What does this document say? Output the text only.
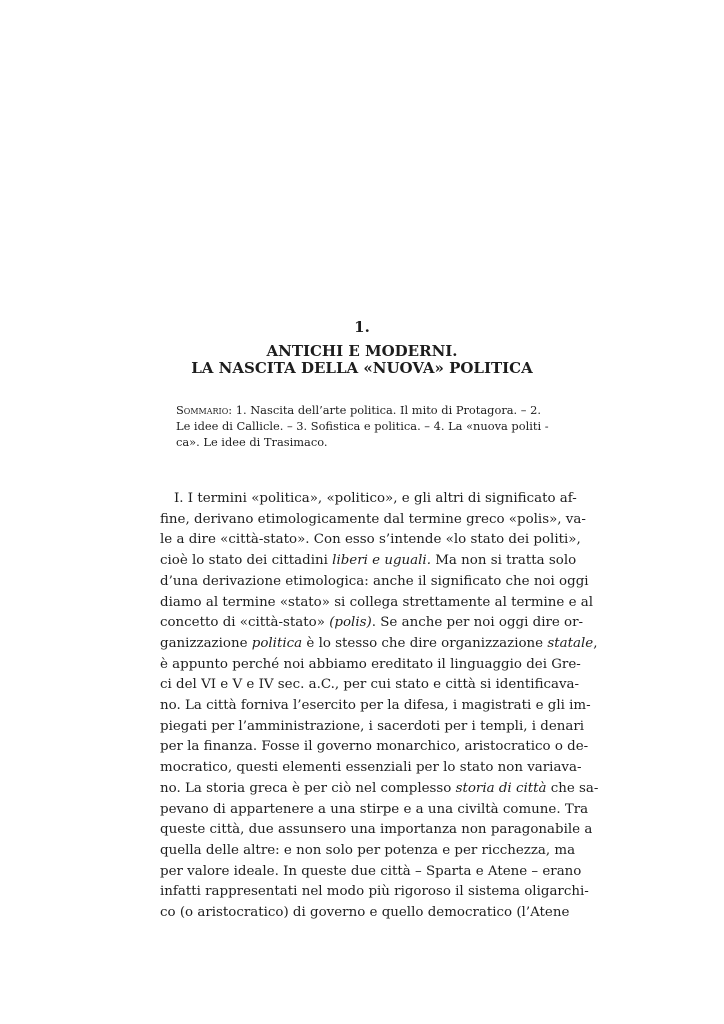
1.

ANTICHI E MODERNI.
LA NASCITA DELLA «NUOVA» POLITICA
Sommario: 1. Nascita dell’arte politica. Il mito di Protagora. – 2.
Le idee di Callicle. – 3. Sofistica e politica. – 4. La «nuova politi -
ca». Le idee di Trasimaco.
I. I termini «politica», «politico», e gli altri di significato af-
fine, derivano etimologicamente dal termine greco «polis», va-
le a dire «città-stato». Con esso s’intende «lo stato dei politi»,
cioè lo stato dei cittadini liberi e uguali. Ma non si tratta solo
d’una derivazione etimologica: anche il significato che noi oggi
diamo al termine «stato» si collega strettamente al termine e al
concetto di «città-stato» (polis). Se anche per noi oggi dire or-
ganizzazione politica è lo stesso che dire organizzazione statale,
è appunto perché noi abbiamo ereditato il linguaggio dei Gre-
ci del VI e V e IV sec. a.C., per cui stato e città si identificava-
no. La città forniva l’esercito per la difesa, i magistrati e gli im-
piegati per l’amministrazione, i sacerdoti per i templi, i denari
per la finanza. Fosse il governo monarchico, aristocratico o de-
mocratico, questi elementi essenziali per lo stato non variava-
no. La storia greca è per ciò nel complesso storia di città che sa-
pevano di appartenere a una stirpe e a una civiltà comune. Tra
queste città, due assunsero una importanza non paragonabile a
quella delle altre: e non solo per potenza e per ricchezza, ma
per valore ideale. In queste due città – Sparta e Atene – erano
infatti rappresentati nel modo più rigoroso il sistema oligarchi-
co (o aristocratico) di governo e quello democratico (l’Atene
